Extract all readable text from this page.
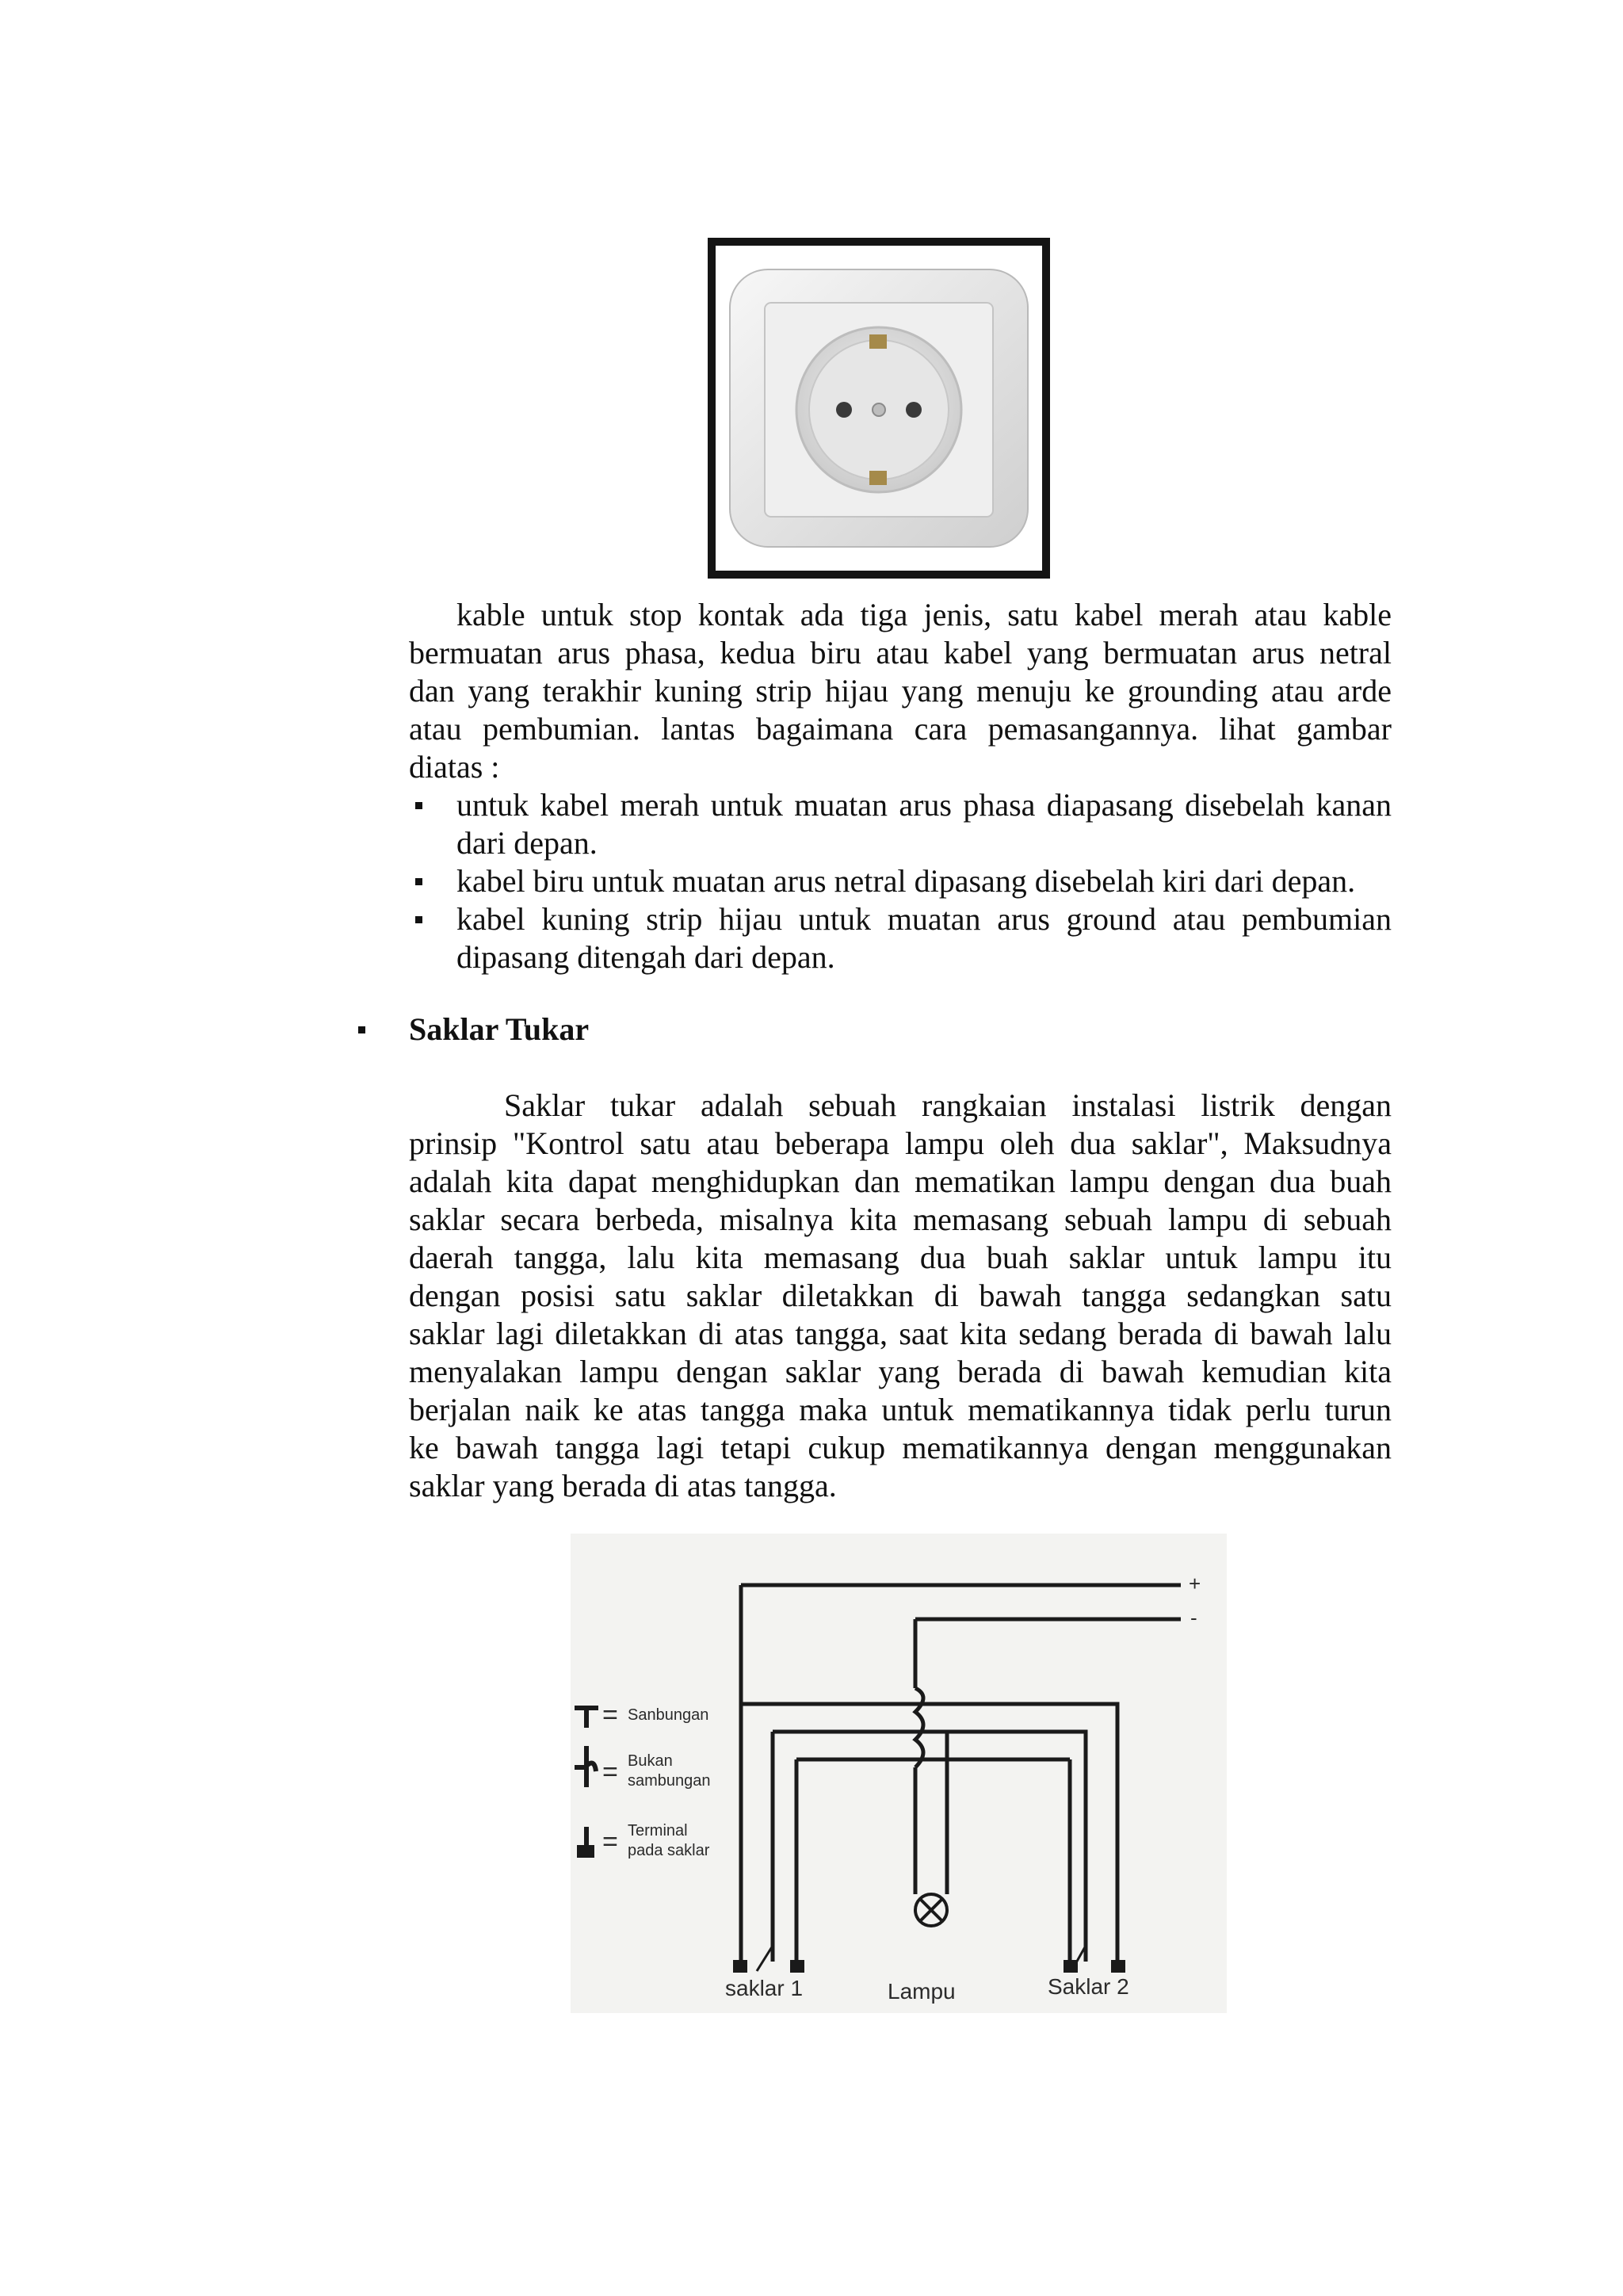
kable untuk stop kontak ada tiga jenis, satu kabel merah atau kable
bermuatan arus phasa, kedua biru atau kabel yang bermuatan arus netral
dan yang terakhir kuning strip hijau yang menuju ke grounding atau arde
atau pembumian. lantas bagaimana cara pemasangannya. lihat gambar
diatas :
untuk kabel merah untuk muatan arus phasa diapasang disebelah kanan
dari depan.
kabel biru untuk muatan arus netral dipasang disebelah kiri dari depan.
kabel kuning strip hijau untuk muatan arus ground atau pembumian
dipasang ditengah dari depan.
Saklar Tukar
Saklar tukar adalah sebuah rangkaian instalasi listrik dengan
prinsip "Kontrol satu atau beberapa lampu oleh dua saklar", Maksudnya
adalah kita dapat menghidupkan dan mematikan lampu dengan dua buah
saklar secara berbeda, misalnya kita memasang sebuah lampu di sebuah
daerah tangga, lalu kita memasang dua buah saklar untuk lampu itu
dengan posisi satu saklar diletakkan di bawah tangga sedangkan satu
saklar lagi diletakkan di atas tangga, saat kita sedang berada di bawah lalu
menyalakan lampu dengan saklar yang berada di bawah kemudian kita
berjalan naik ke atas tangga maka untuk mematikannya tidak perlu turun
ke bawah tangga lagi tetapi cukup mematikannya dengan menggunakan
saklar yang berada di atas tangga.
+
-
= Sanbungan
= Bukan
sambungan
= Terminal
pada saklar
saklar 1	Lampu	Saklar 2
